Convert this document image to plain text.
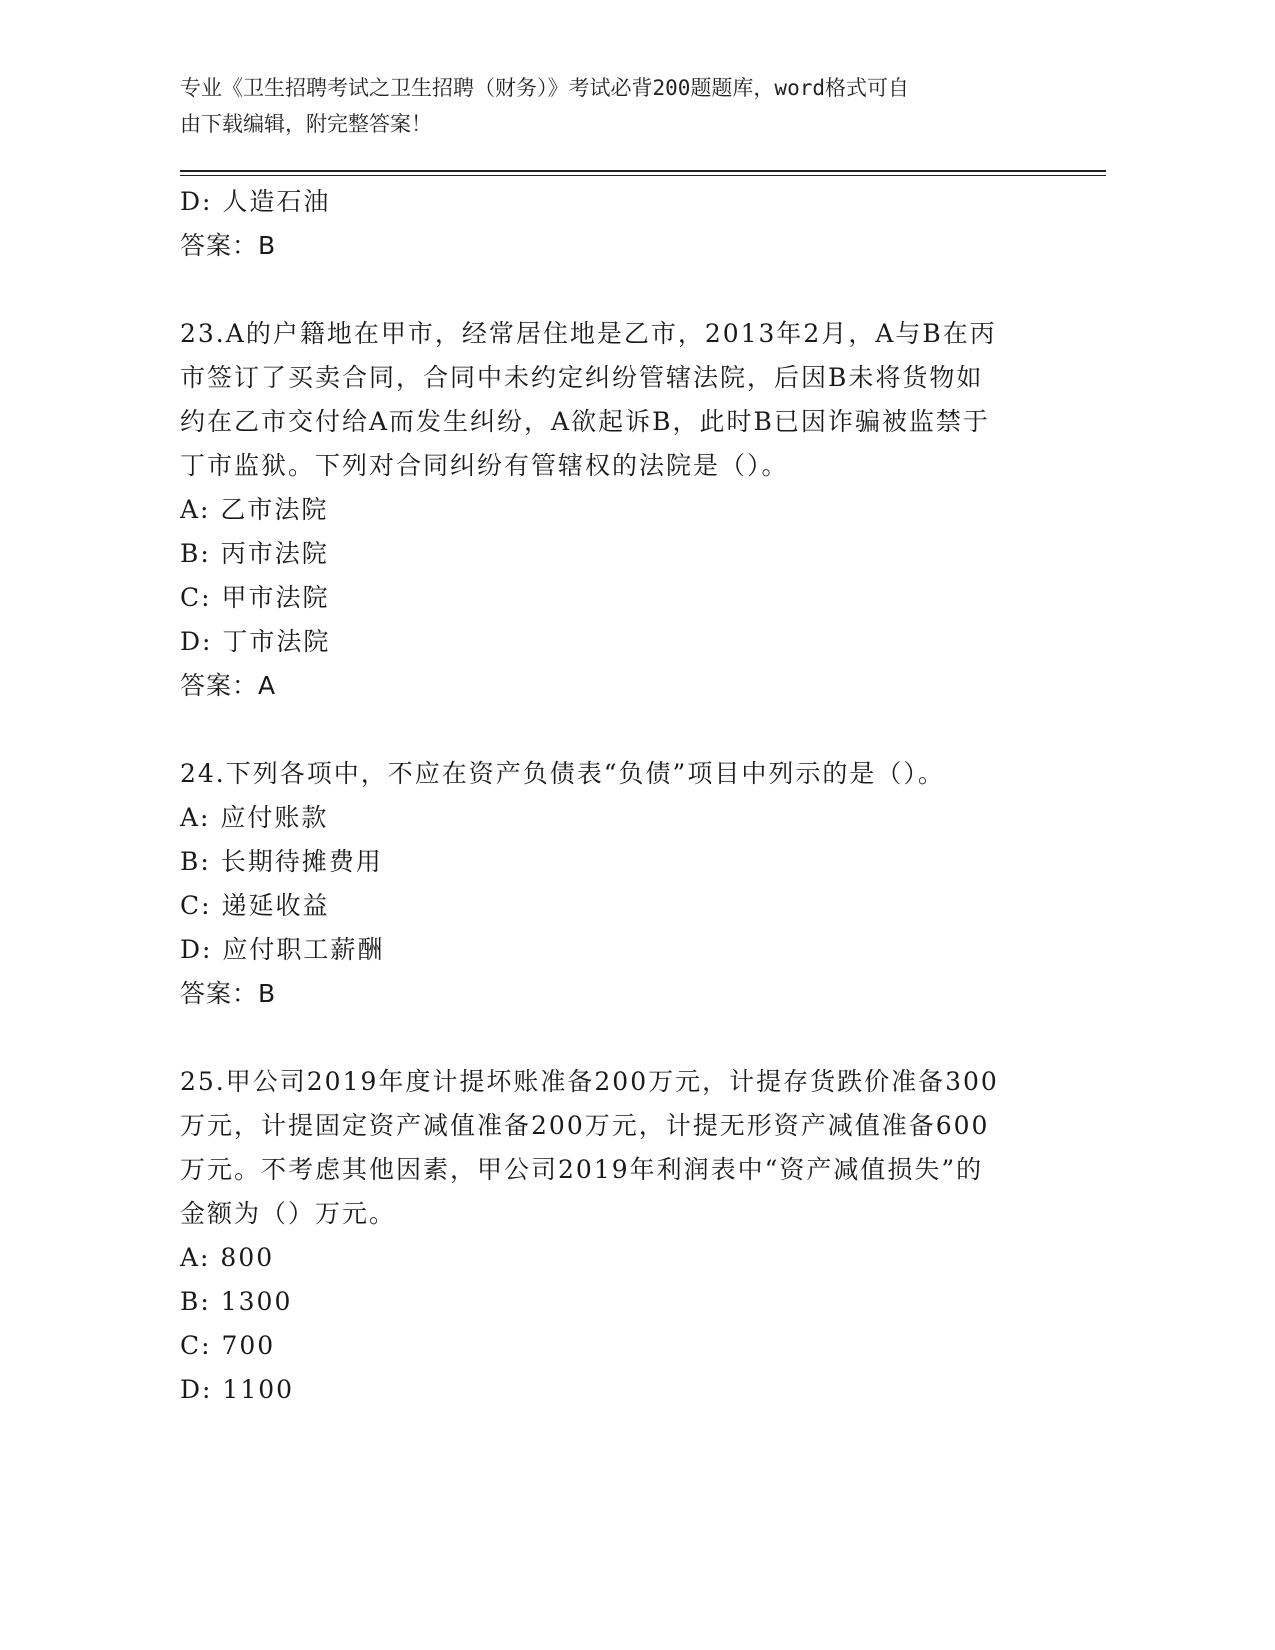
专业《卫生招聘考试之卫生招聘（财务）》考试必背200题题库，word格式可自
由下载编辑，附完整答案！
D: 人造石油
答案：B
23.A的户籍地在甲市，经常居住地是乙市，2013年2月，A与B在丙
市签订了买卖合同，合同中未约定纠纷管辖法院，后因B未将货物如
约在乙市交付给A而发生纠纷，A欲起诉B，此时B已因诈骗被监禁于
丁市监狱。下列对合同纠纷有管辖权的法院是（）。
A: 乙市法院
B: 丙市法院
C: 甲市法院
D: 丁市法院
答案：A
24.下列各项中，不应在资产负债表“负债”项目中列示的是（）。
A: 应付账款
B: 长期待摊费用
C: 递延收益
D: 应付职工薪酬
答案：B
25.甲公司2019年度计提坏账准备200万元，计提存货跌价准备300
万元，计提固定资产减值准备200万元，计提无形资产减值准备600
万元。不考虑其他因素，甲公司2019年利润表中“资产减值损失”的
金额为（）万元。
A: 800
B: 1300
C: 700
D: 1100
